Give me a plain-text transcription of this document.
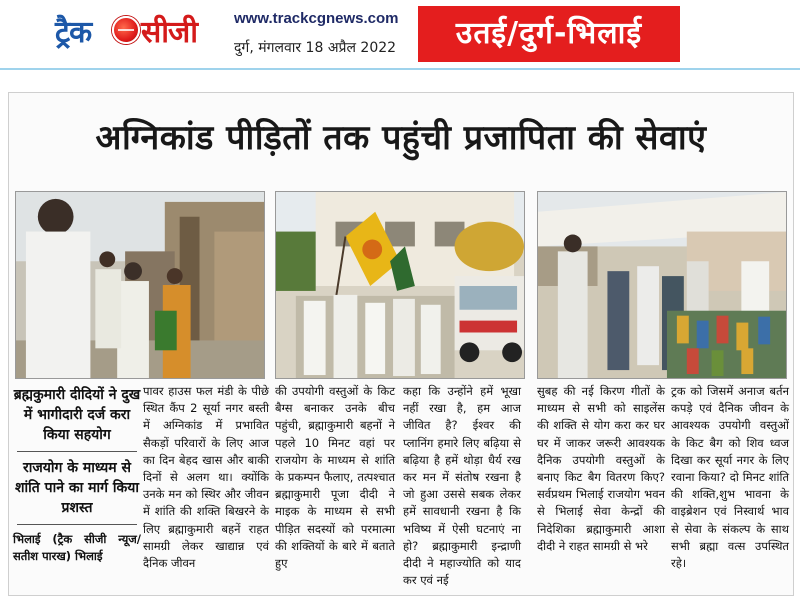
ट्रैक सीजी www.trackcgnews.com
दुर्ग, मंगलवार 18 अप्रैल 2022	उतई/दुर्ग-भिलाई
अग्निकांड पीड़ितों तक पहुंची प्रजापिता की सेवाएं
ब्रह्मकुमारी दीदियों ने दुख में भागीदारी दर्ज करा किया सहयोग
राजयोग के माध्यम से शांति पाने का मार्ग किया प्रशस्त
भिलाई (ट्रैक सीजी न्यूज/सतीश पारख) भिलाई
पावर हाउस फल मंडी के पीछे स्थित कैंप 2 सूर्या नगर बस्ती में अग्निकांड में प्रभावित सैकड़ों परिवारों के लिए आज का दिन बेहद खास और बाकी दिनों से अलग था। क्योंकि उनके मन को स्थिर और जीवन में शांति की शक्ति बिखरने के लिए ब्रह्माकुमारी बहनें राहत सामग्री लेकर खाद्यान्न एवं दैनिक जीवन
की उपयोगी वस्तुओं के किट बैग्स बनाकर उनके बीच पहुंची, ब्रह्माकुमारी बहनों ने पहले 10 मिनट वहां पर राजयोग के माध्यम से शांति के प्रकम्पन फैलाए, तत्पश्चात ब्रह्माकुमारी पूजा दीदी ने माइक के माध्यम से सभी पीड़ित सदस्यों को परमात्मा की शक्तियों के बारे में बताते हुए
कहा कि उन्होंने हमें भूखा नहीं रखा है, हम आज जीवित है? ईश्वर की प्लानिंग हमारे लिए बढ़िया से बढ़िया है हमें थोड़ा धैर्य रख कर मन में संतोष रखना है जो हुआ उससे सबक लेकर हमें सावधानी रखना है कि भविष्य में ऐसी घटनाएं ना हो? ब्रह्माकुमारी इन्द्राणी दीदी ने महाज्योति को याद कर एवं नई
सुबह की नई किरण गीतों के माध्यम से सभी को साइलेंस की शक्ति से योग करा कर घर घर में जाकर जरूरी आवश्यक दैनिक उपयोगी वस्तुओं के बनाए किट बैग वितरण किए? सर्वप्रथम भिलाई राजयोग भवन से भिलाई सेवा केन्द्रों की निदेशिका ब्रह्माकुमारी आशा दीदी ने राहत सामग्री से भरे
ट्रक को जिसमें अनाज बर्तन कपड़े एवं दैनिक जीवन के आवश्यक उपयोगी वस्तुओं के किट बैग को शिव ध्वज दिखा कर सूर्या नगर के लिए रवाना किया? दो मिनट शांति की शक्ति,शुभ भावना के वाइब्रेशन एवं निस्वार्थ भाव से सेवा के संकल्प के साथ सभी ब्रह्मा वत्स उपस्थित रहे।
